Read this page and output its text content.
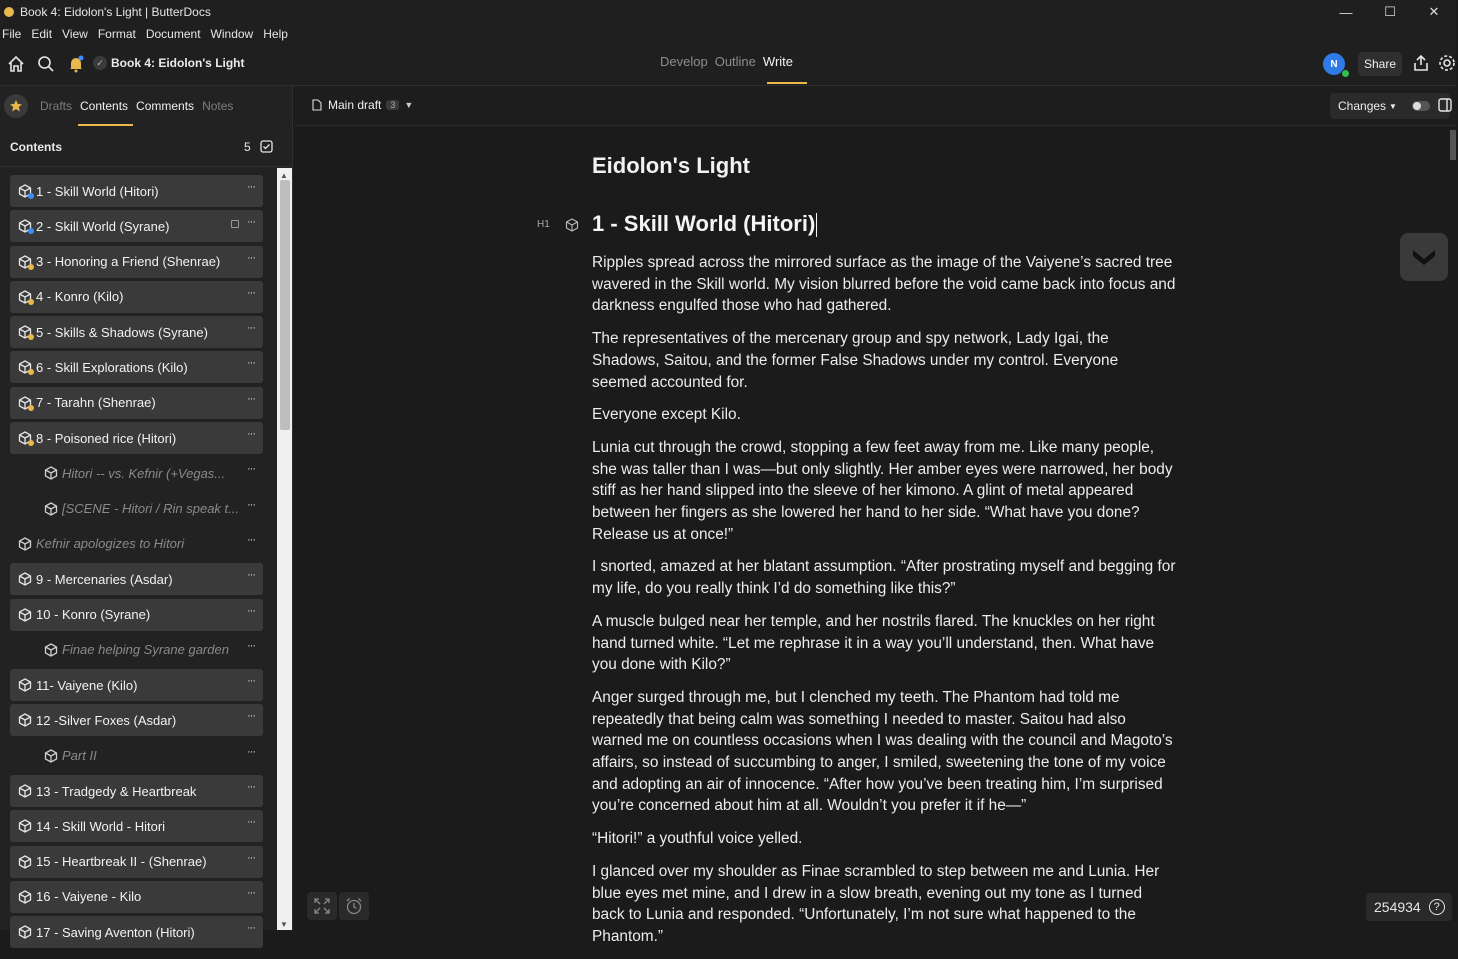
Book 4: Eidolon's Light | ButterDocs	—	☐	✕
File Edit View Format Document Window Help
✓ Book 4: Eidolon's Light	Develop Outline Write	N	Share
Drafts Contents Comments Notes
Contents	5
1 - Skill World (Hitori)	···
2 - Skill World (Syrane)	···
3 - Honoring a Friend (Shenrae) ···
4 - Konro (Kilo)	···
5 - Skills & Shadows (Syrane)	···
6 - Skill Explorations (Kilo)	···
7 - Tarahn (Shenrae)	···
8 - Poisoned rice (Hitori)	···
Hitori -- vs. Kefnir (+Vegas... ···
[SCENE - Hitori / Rin speak t... ···
Kefnir apologizes to Hitori	···
9 - Mercenaries (Asdar)	···
10 - Konro (Syrane)	···
Finae helping Syrane garden ···
11- Vaiyene (Kilo)	···
12 -Silver Foxes (Asdar)	···
Part II	···
13 - Tradgedy & Heartbreak	···
14 - Skill World - Hitori	···
15 - Heartbreak II - (Shenrae)	···
16 - Vaiyene - Kilo	···
17 - Saving Aventon (Hitori)	···
▲
▼
Main draft	3	▼	Changes ▼
Eidolon's Light
H1 1 - Skill World (Hitori)

Ripples spread across the mirrored surface as the image of the Vaiyene’s sacred tree wavered in the Skill world. My vision blurred before the void came back into focus and darkness engulfed those who had gathered.

The representatives of the mercenary group and spy network, Lady Igai, the Shadows, Saitou, and the former False Shadows under my control. Everyone seemed accounted for.

Everyone except Kilo.

Lunia cut through the crowd, stopping a few feet away from me. Like many people, she was taller than I was—but only slightly. Her amber eyes were narrowed, her body stiff as her hand slipped into the sleeve of her kimono. A glint of metal appeared between her fingers as she lowered her hand to her side. “What have you done? Release us at once!”

I snorted, amazed at her blatant assumption. “After prostrating myself and begging for my life, do you really think I’d do something like this?”

A muscle bulged near her temple, and her nostrils flared. The knuckles on her right hand turned white. “Let me rephrase it in a way you’ll understand, then. What have you done with Kilo?”

Anger surged through me, but I clenched my teeth. The Phantom had told me repeatedly that being calm was something I needed to master. Saitou had also warned me on countless occasions when I was dealing with the council and Magoto’s affairs, so instead of succumbing to anger, I smiled, sweetening the tone of my voice and adopting an air of innocence. “After how you’ve been treating him, I’m surprised you’re concerned about him at all. Wouldn’t you prefer it if he—”

“Hitori!” a youthful voice yelled.

I glanced over my shoulder as Finae scrambled to step between me and Lunia. Her blue eyes met mine, and I drew in a slow breath, evening out my tone as I turned back to Lunia and responded. “Unfortunately, I’m not sure what happened to the Phantom.”

254934	?
